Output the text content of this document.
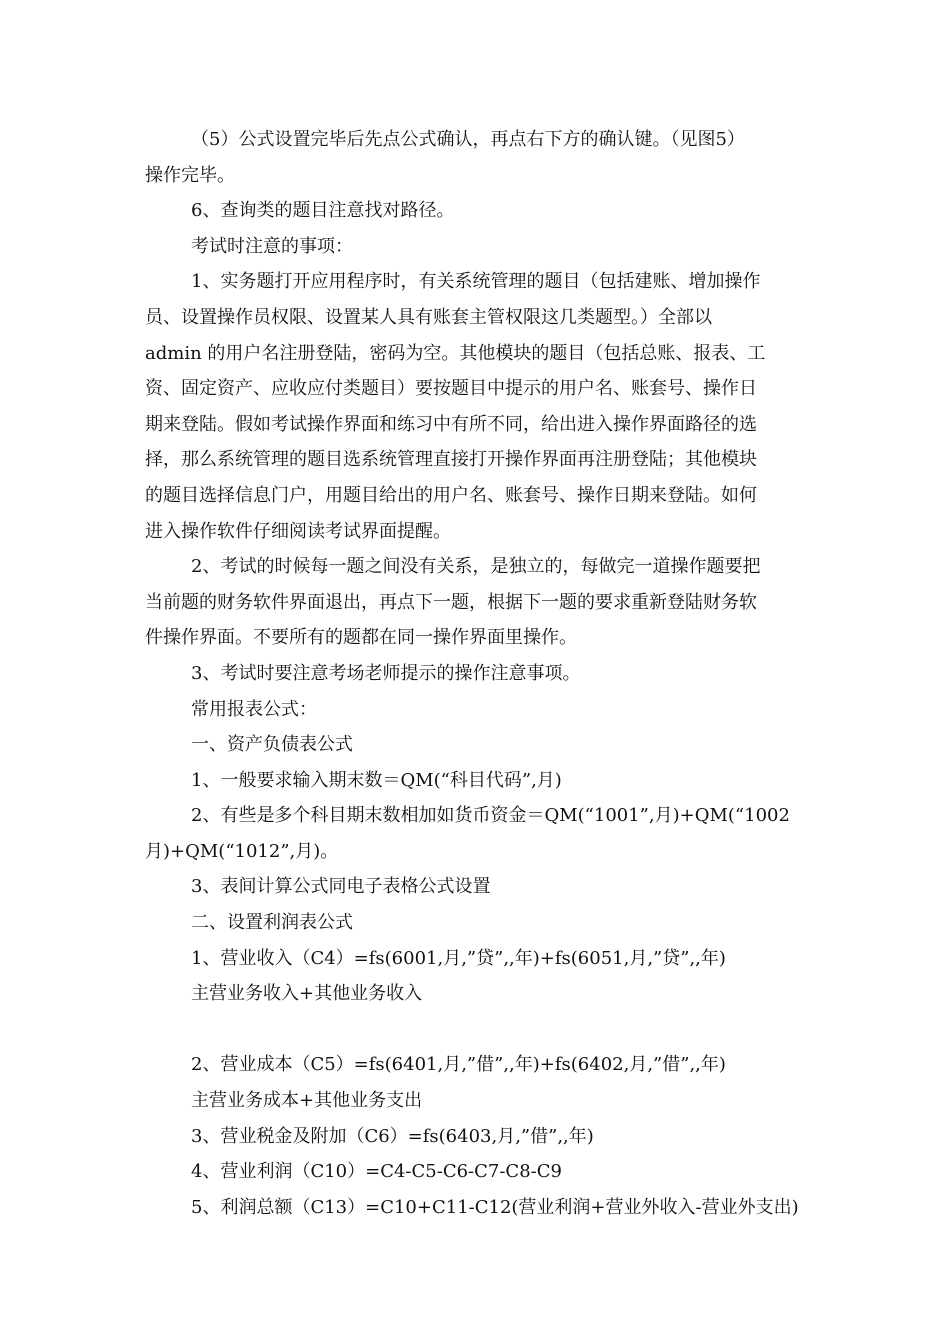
（5）公式设置完毕后先点公式确认，再点右下方的确认键。（见图5）

操作完毕。

6、查询类的题目注意找对路径。

考试时注意的事项：

1、实务题打开应用程序时，有关系统管理的题目（包括建账、增加操作

员、设置操作员权限、设置某人具有账套主管权限这几类题型。）全部以

admin 的用户名注册登陆，密码为空。其他模块的题目（包括总账、报表、工

资、固定资产、应收应付类题目）要按题目中提示的用户名、账套号、操作日

期来登陆。假如考试操作界面和练习中有所不同，给出进入操作界面路径的选

择，那么系统管理的题目选系统管理直接打开操作界面再注册登陆；其他模块

的题目选择信息门户，用题目给出的用户名、账套号、操作日期来登陆。如何

进入操作软件仔细阅读考试界面提醒。

2、考试的时候每一题之间没有关系，是独立的，每做完一道操作题要把

当前题的财务软件界面退出，再点下一题，根据下一题的要求重新登陆财务软

件操作界面。不要所有的题都在同一操作界面里操作。

3、考试时要注意考场老师提示的操作注意事项。

常用报表公式：

一、资产负债表公式

1、一般要求输入期末数＝QM(“科目代码”,月)

2、有些是多个科目期末数相加如货币资金＝QM(“1001”,月)+QM(“1002

月)+QM(“1012”,月)。

3、表间计算公式同电子表格公式设置

二、设置利润表公式

1、营业收入（C4）=fs(6001,月,”贷”,,年)+fs(6051,月,”贷”,,年)

主营业务收入+其他业务收入

2、营业成本（C5）=fs(6401,月,”借”,,年)+fs(6402,月,”借”,,年)

主营业务成本+其他业务支出

3、营业税金及附加（C6）=fs(6403,月,”借”,,年)

4、营业利润（C10）=C4-C5-C6-C7-C8-C9

5、利润总额（C13）=C10+C11-C12(营业利润+营业外收入-营业外支出)
